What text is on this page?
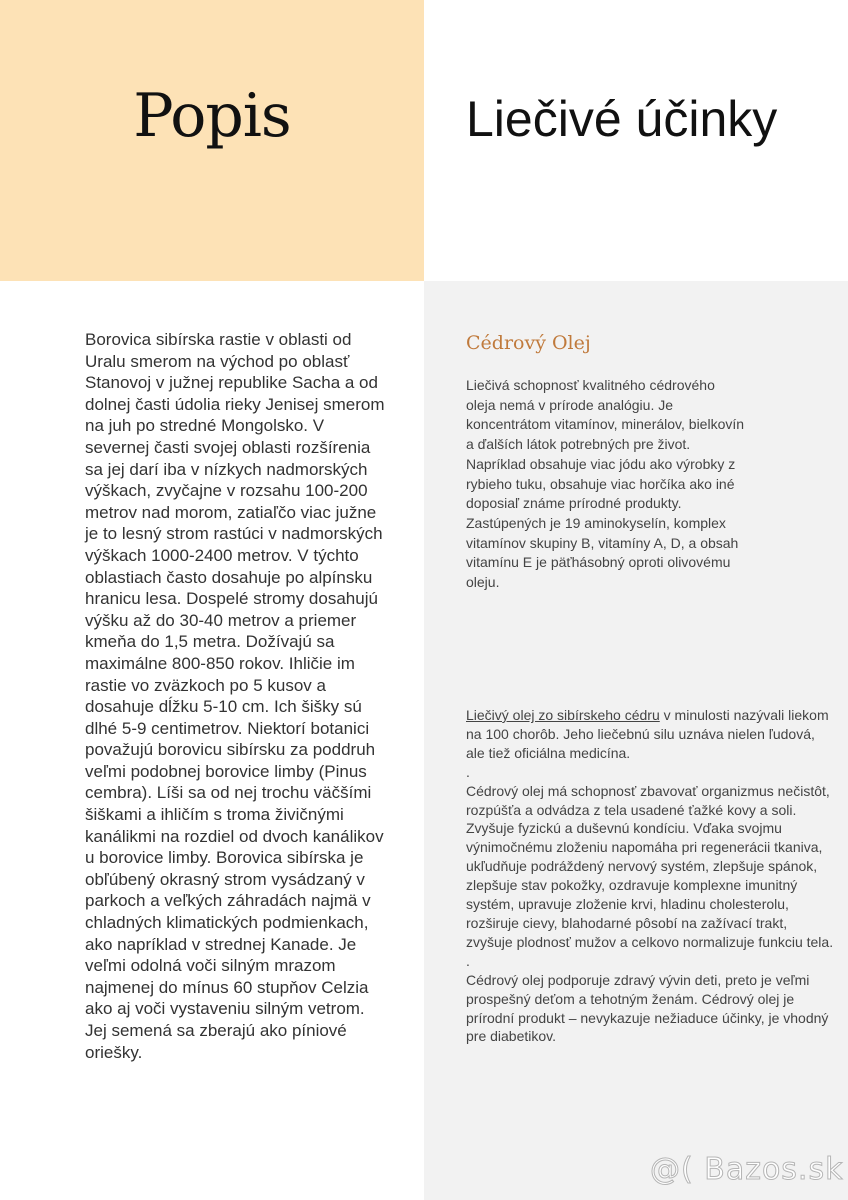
Popis	Liečivé účinky

Borovica sibírska rastie v oblasti od Uralu smerom na východ po oblasť Stanovoj v južnej republike Sacha a od dolnej časti údolia rieky Jenisej smerom na juh po stredné Mongolsko. V severnej časti svojej oblasti rozšírenia sa jej darí iba v nízkych nadmorských výškach, zvyčajne v rozsahu 100-200 metrov nad morom, zatiaľčo viac južne je to lesný strom rastúci v nadmorských výškach 1000-2400 metrov. V týchto oblastiach často dosahuje po alpínsku hranicu lesa. Dospelé stromy dosahujú výšku až do 30-40 metrov a priemer kmeňa do 1,5 metra. Dožívajú sa maximálne 800-850 rokov. Ihličie im rastie vo zväzkoch po 5 kusov a dosahuje dĺžku 5-10 cm. Ich šišky sú dlhé 5-9 centimetrov. Niektorí botanici považujú borovicu sibírsku za poddruh veľmi podobnej borovice limby (Pinus cembra). Líši sa od nej trochu väčšími šiškami a ihličím s troma živičnými kanálikmi na rozdiel od dvoch kanálikov u borovice limby. Borovica sibírska je obľúbený okrasný strom vysádzaný v parkoch a veľkých záhradách najmä v chladných klimatických podmienkach, ako napríklad v strednej Kanade. Je veľmi odolná voči silným mrazom najmenej do mínus 60 stupňov Celzia ako aj voči vystaveniu silným vetrom. Jej semená sa zberajú ako píniové oriešky.

Cédrový Olej
Liečivá schopnosť kvalitného cédrového oleja nemá v prírode analógiu. Je koncentrátom vitamínov, minerálov, bielkovín a ďalších látok potrebných pre život. Napríklad obsahuje viac jódu ako výrobky z rybieho tuku, obsahuje viac horčíka ako iné doposiaľ známe prírodné produkty.
Zastúpených je 19 aminokyselín, komplex vitamínov skupiny B, vitamíny A, D, a obsah vitamínu E je päťhásobný oproti olivovému oleju.

Liečivý olej zo sibírskeho cédru v minulosti nazývali liekom na 100 chorôb. Jeho liečebnú silu uznáva nielen ľudová, ale tiež oficiálna medicína.

.

Cédrový olej má schopnosť zbavovať organizmus nečistôt, rozpúšťa a odvádza z tela usadené ťažké kovy a soli. Zvyšuje fyzickú a duševnú kondíciu. Vďaka svojmu výnimočnému zloženiu napomáha pri regenerácii tkaniva, ukľudňuje podráždený nervový systém, zlepšuje spánok, zlepšuje stav pokožky, ozdravuje komplexne imunitný systém, upravuje zloženie krvi, hladinu cholesterolu, rozširuje cievy, blahodarné pôsobí na zažívací trakt, zvyšuje plodnosť mužov a celkovo normalizuje funkciu tela.

.

Cédrový olej podporuje zdravý vývin deti, preto je veľmi prospešný deťom a tehotným ženám. Cédrový olej je prírodní produkt – nevykazuje nežiaduce účinky, je vhodný pre diabetikov.

@( Bazos.sk
